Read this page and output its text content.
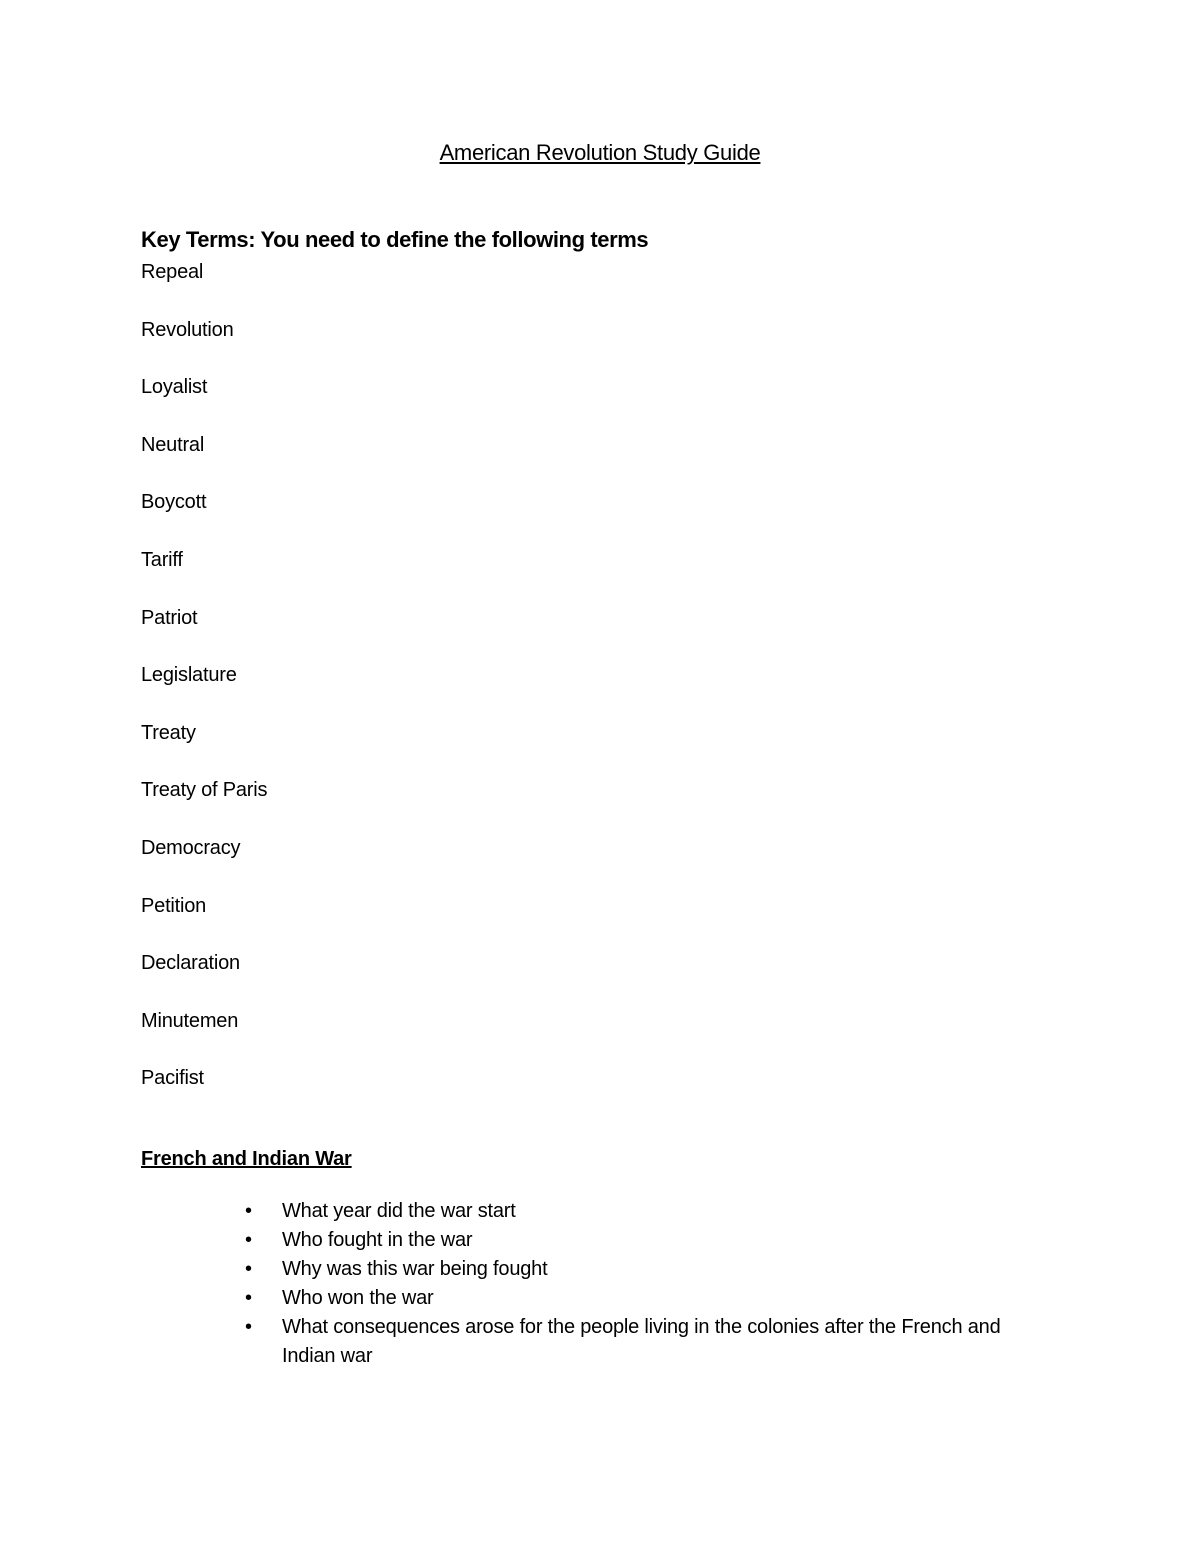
American Revolution Study Guide
Key Terms: You need to define the following terms
Repeal
Revolution
Loyalist
Neutral
Boycott
Tariff
Patriot
Legislature
Treaty
Treaty of Paris
Democracy
Petition
Declaration
Minutemen
Pacifist
French and Indian War
• What year did the war start
• Who fought in the war
• Why was this war being fought
• Who won the war
• What consequences arose for the people living in the colonies after the French and Indian war
